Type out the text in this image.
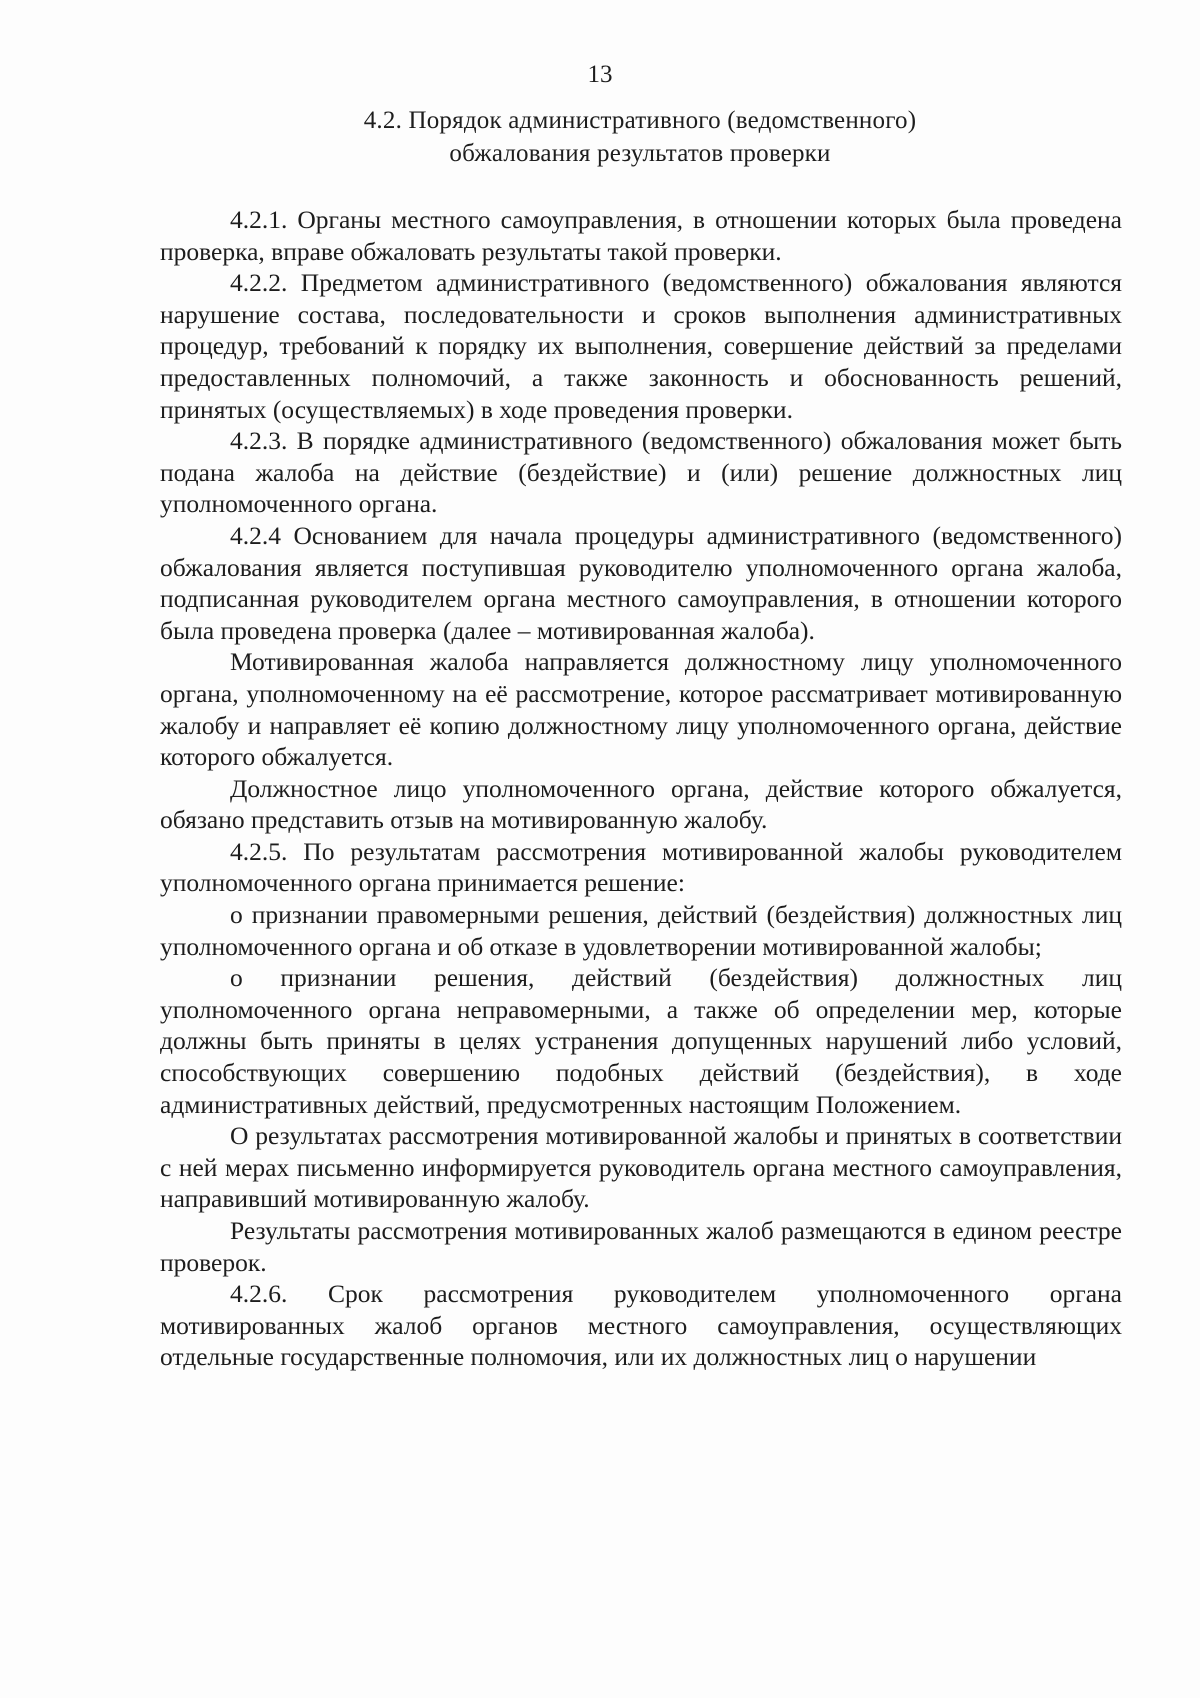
13
4.2. Порядок административного (ведомственного)
обжалования результатов проверки

4.2.1. Органы местного самоуправления, в отношении которых была проведена проверка, вправе обжаловать результаты такой проверки.

4.2.2. Предметом административного (ведомственного) обжалования являются нарушение состава, последовательности и сроков выполнения административных процедур, требований к порядку их выполнения, совершение действий за пределами предоставленных полномочий, а также законность и обоснованность решений, принятых (осуществляемых) в ходе проведения проверки.

4.2.3. В порядке административного (ведомственного) обжалования может быть подана жалоба на действие (бездействие) и (или) решение должностных лиц уполномоченного органа.

4.2.4 Основанием для начала процедуры административного (ведомственного) обжалования является поступившая руководителю уполномоченного органа жалоба, подписанная руководителем органа местного самоуправления, в отношении которого была проведена проверка (далее – мотивированная жалоба).

Мотивированная жалоба направляется должностному лицу уполномоченного органа, уполномоченному на её рассмотрение, которое рассматривает мотивированную жалобу и направляет её копию должностному лицу уполномоченного органа, действие которого обжалуется.

Должностное лицо уполномоченного органа, действие которого обжалуется, обязано представить отзыв на мотивированную жалобу.

4.2.5. По результатам рассмотрения мотивированной жалобы руководителем уполномоченного органа принимается решение:

о признании правомерными решения, действий (бездействия) должностных лиц уполномоченного органа и об отказе в удовлетворении мотивированной жалобы;

о признании решения, действий (бездействия) должностных лиц уполномоченного органа неправомерными, а также об определении мер, которые должны быть приняты в целях устранения допущенных нарушений либо условий, способствующих совершению подобных действий (бездействия), в ходе административных действий, предусмотренных настоящим Положением.

О результатах рассмотрения мотивированной жалобы и принятых в соответствии с ней мерах письменно информируется руководитель органа местного самоуправления, направивший мотивированную жалобу.

Результаты рассмотрения мотивированных жалоб размещаются в едином реестре проверок.

4.2.6. Срок рассмотрения руководителем уполномоченного органа мотивированных жалоб органов местного самоуправления, осуществляющих отдельные государственные полномочия, или их должностных лиц о нарушении
